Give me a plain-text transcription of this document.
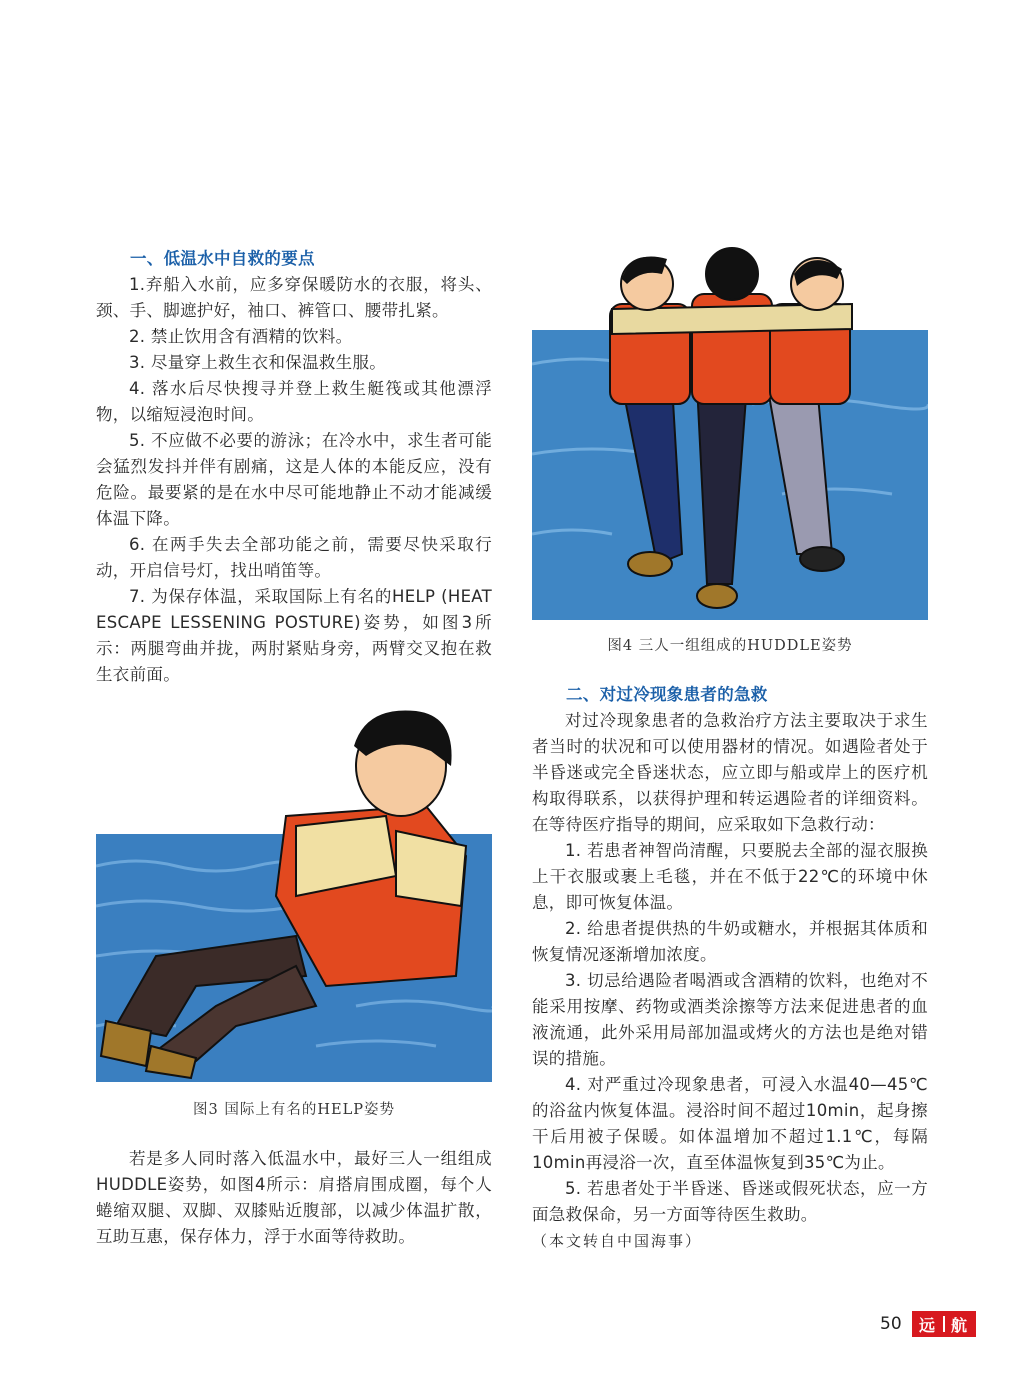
一、低温水中自救的要点

1.弃船入水前，应多穿保暖防水的衣服，将头、颈、手、脚遮护好，袖口、裤管口、腰带扎紧。

2. 禁止饮用含有酒精的饮料。

3. 尽量穿上救生衣和保温救生服。

4. 落水后尽快搜寻并登上救生艇筏或其他漂浮物，以缩短浸泡时间。

5. 不应做不必要的游泳；在冷水中，求生者可能会猛烈发抖并伴有剧痛，这是人体的本能反应，没有危险。最要紧的是在水中尽可能地静止不动才能减缓体温下降。

6. 在两手失去全部功能之前，需要尽快采取行动，开启信号灯，找出哨笛等。

7. 为保存体温，采取国际上有名的HELP (HEAT ESCAPE LESSENING POSTURE)姿势，如图3所示：两腿弯曲并拢，两肘紧贴身旁，两臂交叉抱在救生衣前面。

图3 国际上有名的HELP姿势

若是多人同时落入低温水中，最好三人一组组成HUDDLE姿势，如图4所示：肩搭肩围成圈，每个人蜷缩双腿、双脚、双膝贴近腹部，以减少体温扩散，互助互惠，保存体力，浮于水面等待救助。

图4 三人一组组成的HUDDLE姿势

二、对过冷现象患者的急救

对过冷现象患者的急救治疗方法主要取决于求生者当时的状况和可以使用器材的情况。如遇险者处于半昏迷或完全昏迷状态，应立即与船或岸上的医疗机构取得联系，以获得护理和转运遇险者的详细资料。在等待医疗指导的期间，应采取如下急救行动：

1. 若患者神智尚清醒，只要脱去全部的湿衣服换上干衣服或裹上毛毯，并在不低于22℃的环境中休息，即可恢复体温。

2. 给患者提供热的牛奶或糖水，并根据其体质和恢复情况逐渐增加浓度。

3. 切忌给遇险者喝酒或含酒精的饮料，也绝对不能采用按摩、药物或酒类涂擦等方法来促进患者的血液流通，此外采用局部加温或烤火的方法也是绝对错误的措施。

4. 对严重过冷现象患者，可浸入水温40—45℃的浴盆内恢复体温。浸浴时间不超过10min，起身擦干后用被子保暖。如体温增加不超过1.1℃，每隔10min再浸浴一次，直至体温恢复到35℃为止。

5. 若患者处于半昏迷、昏迷或假死状态，应一方面急救保命，另一方面等待医生救助。

（本文转自中国海事）

50 远 航
